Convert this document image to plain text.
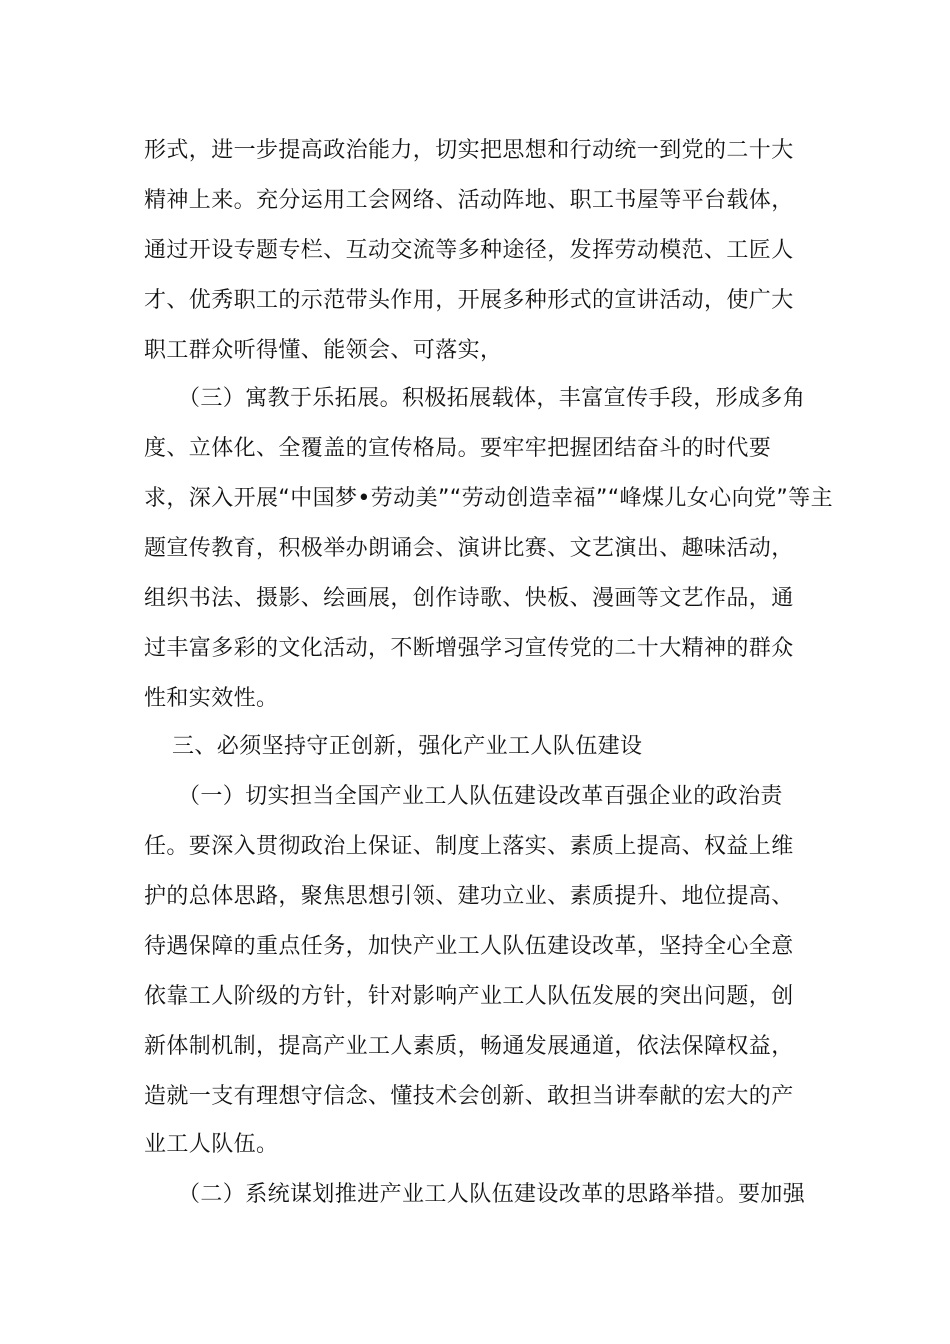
形式，进一步提高政治能力，切实把思想和行动统一到党的二十大
精神上来。充分运用工会网络、活动阵地、职工书屋等平台载体，
通过开设专题专栏、互动交流等多种途径，发挥劳动模范、工匠人
才、优秀职工的示范带头作用，开展多种形式的宣讲活动，使广大
职工群众听得懂、能领会、可落实，
（三）寓教于乐拓展。积极拓展载体，丰富宣传手段，形成多角
度、立体化、全覆盖的宣传格局。要牢牢把握团结奋斗的时代要
求，深入开展“中国梦•劳动美”“劳动创造幸福”“峰煤儿女心向党”等主
题宣传教育，积极举办朗诵会、演讲比赛、文艺演出、趣味活动，
组织书法、摄影、绘画展，创作诗歌、快板、漫画等文艺作品，通
过丰富多彩的文化活动，不断增强学习宣传党的二十大精神的群众
性和实效性。
三、必须坚持守正创新，强化产业工人队伍建设
（一）切实担当全国产业工人队伍建设改革百强企业的政治责
任。要深入贯彻政治上保证、制度上落实、素质上提高、权益上维
护的总体思路，聚焦思想引领、建功立业、素质提升、地位提高、
待遇保障的重点任务，加快产业工人队伍建设改革，坚持全心全意
依靠工人阶级的方针，针对影响产业工人队伍发展的突出问题，创
新体制机制，提高产业工人素质，畅通发展通道，依法保障权益，
造就一支有理想守信念、懂技术会创新、敢担当讲奉献的宏大的产
业工人队伍。
（二）系统谋划推进产业工人队伍建设改革的思路举措。要加强
